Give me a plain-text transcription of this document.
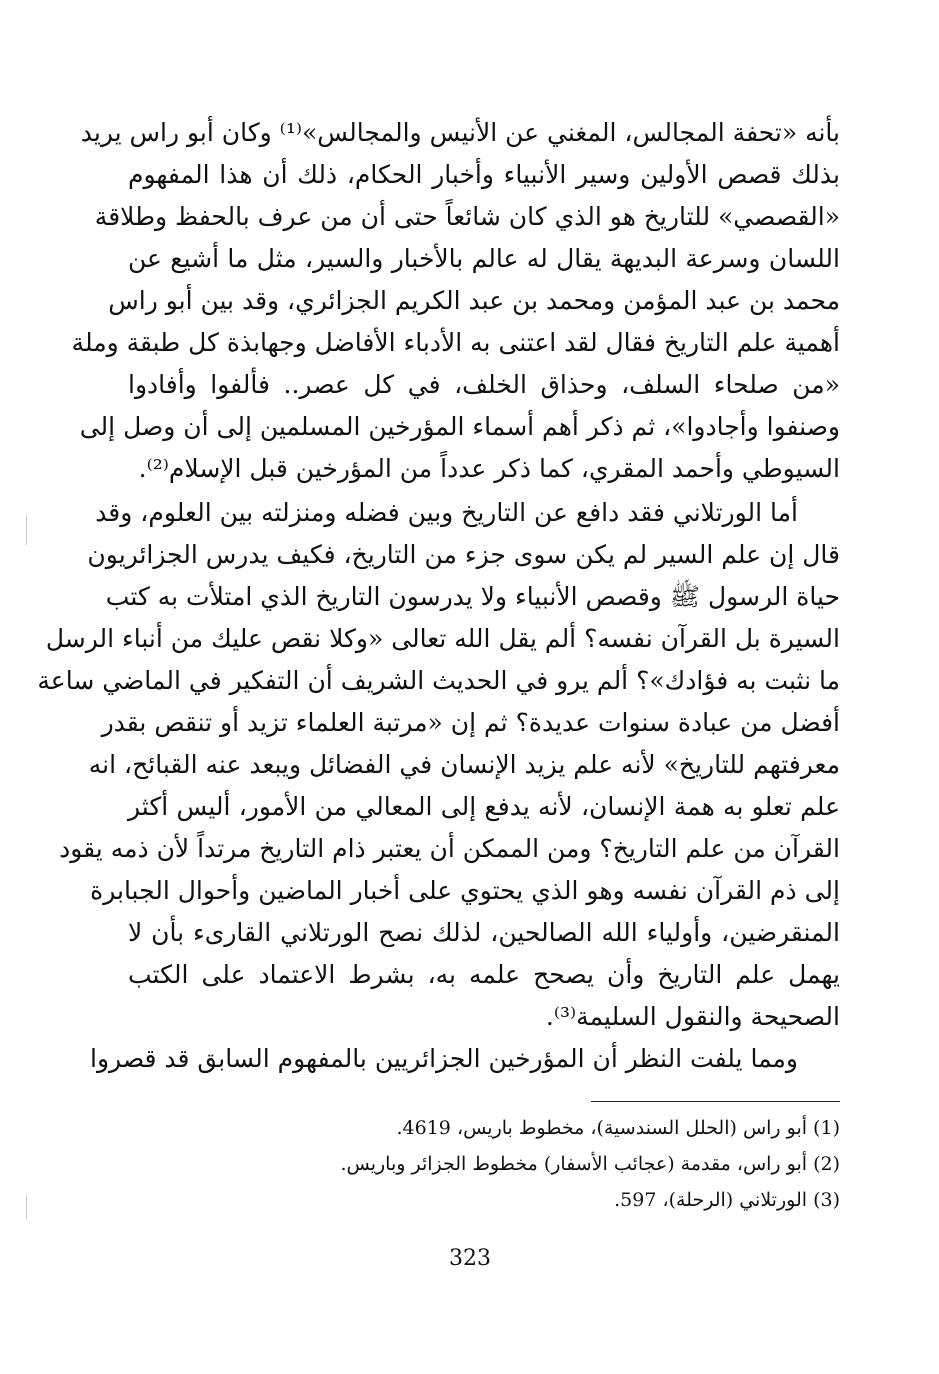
بأنه «تحفة المجالس، المغني عن الأنيس والمجالس»⁽¹⁾ وكان أبو راس يريد
بذلك قصص الأولين وسير الأنبياء وأخبار الحكام، ذلك أن هذا المفهوم
«القصصي» للتاريخ هو الذي كان شائعاً حتى أن من عرف بالحفظ وطلاقة
اللسان وسرعة البديهة يقال له عالم بالأخبار والسير، مثل ما أشيع عن
محمد بن عبد المؤمن ومحمد بن عبد الكريم الجزائري، وقد بين أبو راس
أهمية علم التاريخ فقال لقد اعتنى به الأدباء الأفاضل وجهابذة كل طبقة وملة
«من صلحاء السلف، وحذاق الخلف، في كل عصر.. فألفوا وأفادوا
وصنفوا وأجادوا»، ثم ذكر أهم أسماء المؤرخين المسلمين إلى أن وصل إلى
السيوطي وأحمد المقري، كما ذكر عدداً من المؤرخين قبل الإسلام⁽²⁾.
أما الورتلاني فقد دافع عن التاريخ وبين فضله ومنزلته بين العلوم، وقد
قال إن علم السير لم يكن سوى جزء من التاريخ، فكيف يدرس الجزائريون
حياة الرسول ﷺ وقصص الأنبياء ولا يدرسون التاريخ الذي امتلأت به كتب
السيرة بل القرآن نفسه؟ ألم يقل الله تعالى «وكلا نقص عليك من أنباء الرسل
ما نثبت به فؤادك»؟ ألم يرو في الحديث الشريف أن التفكير في الماضي ساعة
أفضل من عبادة سنوات عديدة؟ ثم إن «مرتبة العلماء تزيد أو تنقص بقدر
معرفتهم للتاريخ» لأنه علم يزيد الإنسان في الفضائل ويبعد عنه القبائح، انه
علم تعلو به همة الإنسان، لأنه يدفع إلى المعالي من الأمور، أليس أكثر
القرآن من علم التاريخ؟ ومن الممكن أن يعتبر ذام التاريخ مرتداً لأن ذمه يقود
إلى ذم القرآن نفسه وهو الذي يحتوي على أخبار الماضين وأحوال الجبابرة
المنقرضين، وأولياء الله الصالحين، لذلك نصح الورتلاني القارىء بأن لا
يهمل علم التاريخ وأن يصحح علمه به، بشرط الاعتماد على الكتب
الصحيحة والنقول السليمة⁽³⁾.
ومما يلفت النظر أن المؤرخين الجزائريين بالمفهوم السابق قد قصروا
(1) أبو راس (الحلل السندسية)، مخطوط باريس، 4619.
(2) أبو راس، مقدمة (عجائب الأسفار) مخطوط الجزائر وباريس.
(3) الورتلاني (الرحلة)، 597.
323
